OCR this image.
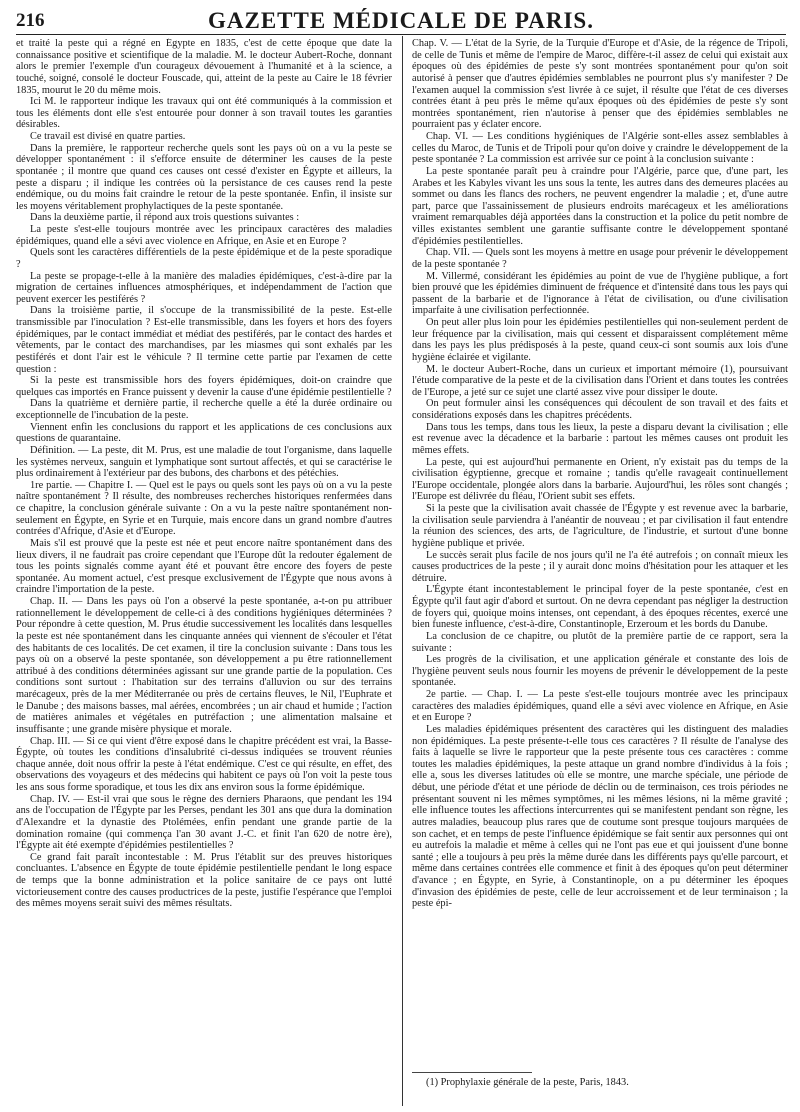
216	GAZETTE MÉDICALE DE PARIS.

et traité la peste qui a régné en Égypte en 1835, c'est de cette époque que date la connaissance positive et scientifique de la maladie. M. le docteur Aubert-Roche, donnant alors le premier l'exemple d'un courageux dévouement à l'humanité et à la science, a touché, soigné, consolé le docteur Fouscade, qui, atteint de la peste au Caire le 18 février 1835, mourut le 20 du même mois.

Ici M. le rapporteur indique les travaux qui ont été communiqués à la commission et tous les éléments dont elle s'est entourée pour donner à son travail toutes les garanties désirables.

Ce travail est divisé en quatre parties.

Dans la première, le rapporteur recherche quels sont les pays où on a vu la peste se développer spontanément : il s'efforce ensuite de déterminer les causes de la peste spontanée ; il montre que quand ces causes ont cessé d'exister en Égypte et ailleurs, la peste a disparu ; il indique les contrées où la persistance de ces causes rend la peste endémique, ou du moins fait craindre le retour de la peste spontanée. Enfin, il insiste sur les moyens véritablement prophylactiques de la peste spontanée.

Dans la deuxième partie, il répond aux trois questions suivantes :

La peste s'est-elle toujours montrée avec les principaux caractères des maladies épidémiques, quand elle a sévi avec violence en Afrique, en Asie et en Europe ?

Quels sont les caractères différentiels de la peste épidémique et de la peste sporadique ?

La peste se propage-t-elle à la manière des maladies épidémiques, c'est-à-dire par la migration de certaines influences atmosphériques, et indépendamment de l'action que peuvent exercer les pestiférés ?

Dans la troisième partie, il s'occupe de la transmissibilité de la peste. Est-elle transmissible par l'inoculation ? Est-elle transmissible, dans les foyers et hors des foyers épidémiques, par le contact immédiat et médiat des pestiférés, par le contact des hardes et vêtements, par le contact des marchandises, par les miasmes qui sont exhalés par les pestiférés et dont l'air est le véhicule ? Il termine cette partie par l'examen de cette question :

Si la peste est transmissible hors des foyers épidémiques, doit-on craindre que quelques cas importés en France puissent y devenir la cause d'une épidémie pestilentielle ?

Dans la quatrième et dernière partie, il recherche quelle a été la durée ordinaire ou exceptionnelle de l'incubation de la peste.

Viennent enfin les conclusions du rapport et les applications de ces conclusions aux questions de quarantaine.

Définition. — La peste, dit M. Prus, est une maladie de tout l'organisme, dans laquelle les systèmes nerveux, sanguin et lymphatique sont surtout affectés, et qui se caractérise le plus ordinairement à l'extérieur par des bubons, des charbons et des pétéchies.

1re partie. — Chapitre I. — Quel est le pays ou quels sont les pays où on a vu la peste naître spontanément ? Il résulte, des nombreuses recherches historiques renfermées dans ce chapitre, la conclusion générale suivante : On a vu la peste naître spontanément non-seulement en Égypte, en Syrie et en Turquie, mais encore dans un grand nombre d'autres contrées d'Afrique, d'Asie et d'Europe.

Mais s'il est prouvé que la peste est née et peut encore naître spontanément dans des lieux divers, il ne faudrait pas croire cependant que l'Europe dût la redouter également de tous les points signalés comme ayant été et pouvant être encore des foyers de peste spontanée. Au moment actuel, c'est presque exclusivement de l'Égypte que nous avons à craindre l'importation de la peste.

Chap. II. — Dans les pays où l'on a observé la peste spontanée, a-t-on pu attribuer rationnellement le développement de celle-ci à des conditions hygiéniques déterminées ? Pour répondre à cette question, M. Prus étudie successivement les localités dans lesquelles la peste est née spontanément dans les cinquante années qui viennent de s'écouler et l'état des habitants de ces localités. De cet examen, il tire la conclusion suivante : Dans tous les pays où on a observé la peste spontanée, son développement a pu être rationnellement attribué à des conditions déterminées agissant sur une grande partie de la population. Ces conditions sont surtout : l'habitation sur des terrains d'alluvion ou sur des terrains marécageux, près de la mer Méditerranée ou près de certains fleuves, le Nil, l'Euphrate et le Danube ; des maisons basses, mal aérées, encombrées ; un air chaud et humide ; l'action de matières animales et végétales en putréfaction ; une alimentation malsaine et insuffisante ; une grande misère physique et morale.

Chap. III. — Si ce qui vient d'être exposé dans le chapitre précédent est vrai, la Basse-Égypte, où toutes les conditions d'insalubrité ci-dessus indiquées se trouvent réunies chaque année, doit nous offrir la peste à l'état endémique. C'est ce qui résulte, en effet, des observations des voyageurs et des médecins qui habitent ce pays où l'on voit la peste tous les ans sous forme sporadique, et tous les dix ans environ sous la forme épidémique.

Chap. IV. — Est-il vrai que sous le règne des derniers Pharaons, que pendant les 194 ans de l'occupation de l'Égypte par les Perses, pendant les 301 ans que dura la domination d'Alexandre et la dynastie des Ptolémées, enfin pendant une grande partie de la domination romaine (qui commença l'an 30 avant J.-C. et finit l'an 620 de notre ère), l'Égypte ait été exempte d'épidémies pestilentielles ?

Ce grand fait paraît incontestable : M. Prus l'établit sur des preuves historiques concluantes. L'absence en Égypte de toute épidémie pestilentielle pendant le long espace de temps que la bonne administration et la police sanitaire de ce pays ont lutté victorieusement contre des causes productrices de la peste, justifie l'espérance que l'emploi des mêmes moyens serait suivi des mêmes résultats.

Chap. V. — L'état de la Syrie, de la Turquie d'Europe et d'Asie, de la régence de Tripoli, de celle de Tunis et même de l'empire de Maroc, diffère-t-il assez de celui qui existait aux époques où des épidémies de peste s'y sont montrées spontanément pour qu'on soit autorisé à penser que d'autres épidémies semblables ne pourront plus s'y manifester ? De l'examen auquel la commission s'est livrée à ce sujet, il résulte que l'état de ces diverses contrées étant à peu près le même qu'aux époques où des épidémies de peste s'y sont montrées spontanément, rien n'autorise à penser que des épidémies semblables ne pourraient pas y éclater encore.

Chap. VI. — Les conditions hygiéniques de l'Algérie sont-elles assez semblables à celles du Maroc, de Tunis et de Tripoli pour qu'on doive y craindre le développement de la peste spontanée ? La commission est arrivée sur ce point à la conclusion suivante :

La peste spontanée paraît peu à craindre pour l'Algérie, parce que, d'une part, les Arabes et les Kabyles vivant les uns sous la tente, les autres dans des demeures placées au sommet ou dans les flancs des rochers, ne peuvent engendrer la maladie ; et, d'une autre part, parce que l'assainissement de plusieurs endroits marécageux et les améliorations vraiment remarquables déjà apportées dans la construction et la police du petit nombre de villes existantes semblent une garantie suffisante contre le développement spontané d'épidémies pestilentielles.

Chap. VII. — Quels sont les moyens à mettre en usage pour prévenir le développement de la peste spontanée ?

M. Villermé, considérant les épidémies au point de vue de l'hygiène publique, a fort bien prouvé que les épidémies diminuent de fréquence et d'intensité dans tous les pays qui passent de la barbarie et de l'ignorance à l'état de civilisation, ou d'une civilisation imparfaite à une civilisation perfectionnée.

On peut aller plus loin pour les épidémies pestilentielles qui non-seulement perdent de leur fréquence par la civilisation, mais qui cessent et disparaissent complétement même dans les pays les plus prédisposés à la peste, quand ceux-ci sont soumis aux lois d'une hygiène éclairée et vigilante.

M. le docteur Aubert-Roche, dans un curieux et important mémoire (1), poursuivant l'étude comparative de la peste et de la civilisation dans l'Orient et dans toutes les contrées de l'Europe, a jeté sur ce sujet une clarté assez vive pour dissiper le doute.

On peut formuler ainsi les conséquences qui découlent de son travail et des faits et considérations exposés dans les chapitres précédents.

Dans tous les temps, dans tous les lieux, la peste a disparu devant la civilisation ; elle est revenue avec la décadence et la barbarie : partout les mêmes causes ont produit les mêmes effets.

La peste, qui est aujourd'hui permanente en Orient, n'y existait pas du temps de la civilisation égyptienne, grecque et romaine ; tandis qu'elle ravageait continuellement l'Europe occidentale, plongée alors dans la barbarie. Aujourd'hui, les rôles sont changés ; l'Europe est délivrée du fléau, l'Orient subit ses effets.

Si la peste que la civilisation avait chassée de l'Égypte y est revenue avec la barbarie, la civilisation seule parviendra à l'anéantir de nouveau ; et par civilisation il faut entendre la réunion des sciences, des arts, de l'agriculture, de l'industrie, et surtout d'une bonne hygiène publique et privée.

Le succès serait plus facile de nos jours qu'il ne l'a été autrefois ; on connaît mieux les causes productrices de la peste ; il y aurait donc moins d'hésitation pour les attaquer et les détruire.

L'Égypte étant incontestablement le principal foyer de la peste spontanée, c'est en Égypte qu'il faut agir d'abord et surtout. On ne devra cependant pas négliger la destruction de foyers qui, quoique moins intenses, ont cependant, à des époques récentes, exercé une bien funeste influence, c'est-à-dire, Constantinople, Erzeroum et les bords du Danube.

La conclusion de ce chapitre, ou plutôt de la première partie de ce rapport, sera la suivante :

Les progrès de la civilisation, et une application générale et constante des lois de l'hygiène peuvent seuls nous fournir les moyens de prévenir le développement de la peste spontanée.

2e partie. — Chap. I. — La peste s'est-elle toujours montrée avec les principaux caractères des maladies épidémiques, quand elle a sévi avec violence en Afrique, en Asie et en Europe ?

Les maladies épidémiques présentent des caractères qui les distinguent des maladies non épidémiques. La peste présente-t-elle tous ces caractères ? Il résulte de l'analyse des faits à laquelle se livre le rapporteur que la peste présente tous ces caractères : comme toutes les maladies épidémiques, la peste attaque un grand nombre d'individus à la fois ; elle a, sous les diverses latitudes où elle se montre, une marche spéciale, une période de début, une période d'état et une période de déclin ou de terminaison, ces trois périodes ne présentant souvent ni les mêmes symptômes, ni les mêmes lésions, ni la même gravité ; elle influence toutes les affections intercurrentes qui se manifestent pendant son règne, les autres maladies, beaucoup plus rares que de coutume sont presque toujours marquées de son cachet, et en temps de peste l'influence épidémique se fait sentir aux personnes qui ont eu autrefois la maladie et même à celles qui ne l'ont pas eue et qui jouissent d'une bonne santé ; elle a toujours à peu près la même durée dans les différents pays qu'elle parcourt, et même dans certaines contrées elle commence et finit à des époques qu'on peut déterminer d'avance ; en Égypte, en Syrie, à Constantinople, on a pu déterminer les époques d'invasion des épidémies de peste, celle de leur accroissement et de leur terminaison ; la peste épi-

(1) Prophylaxie générale de la peste, Paris, 1843.
